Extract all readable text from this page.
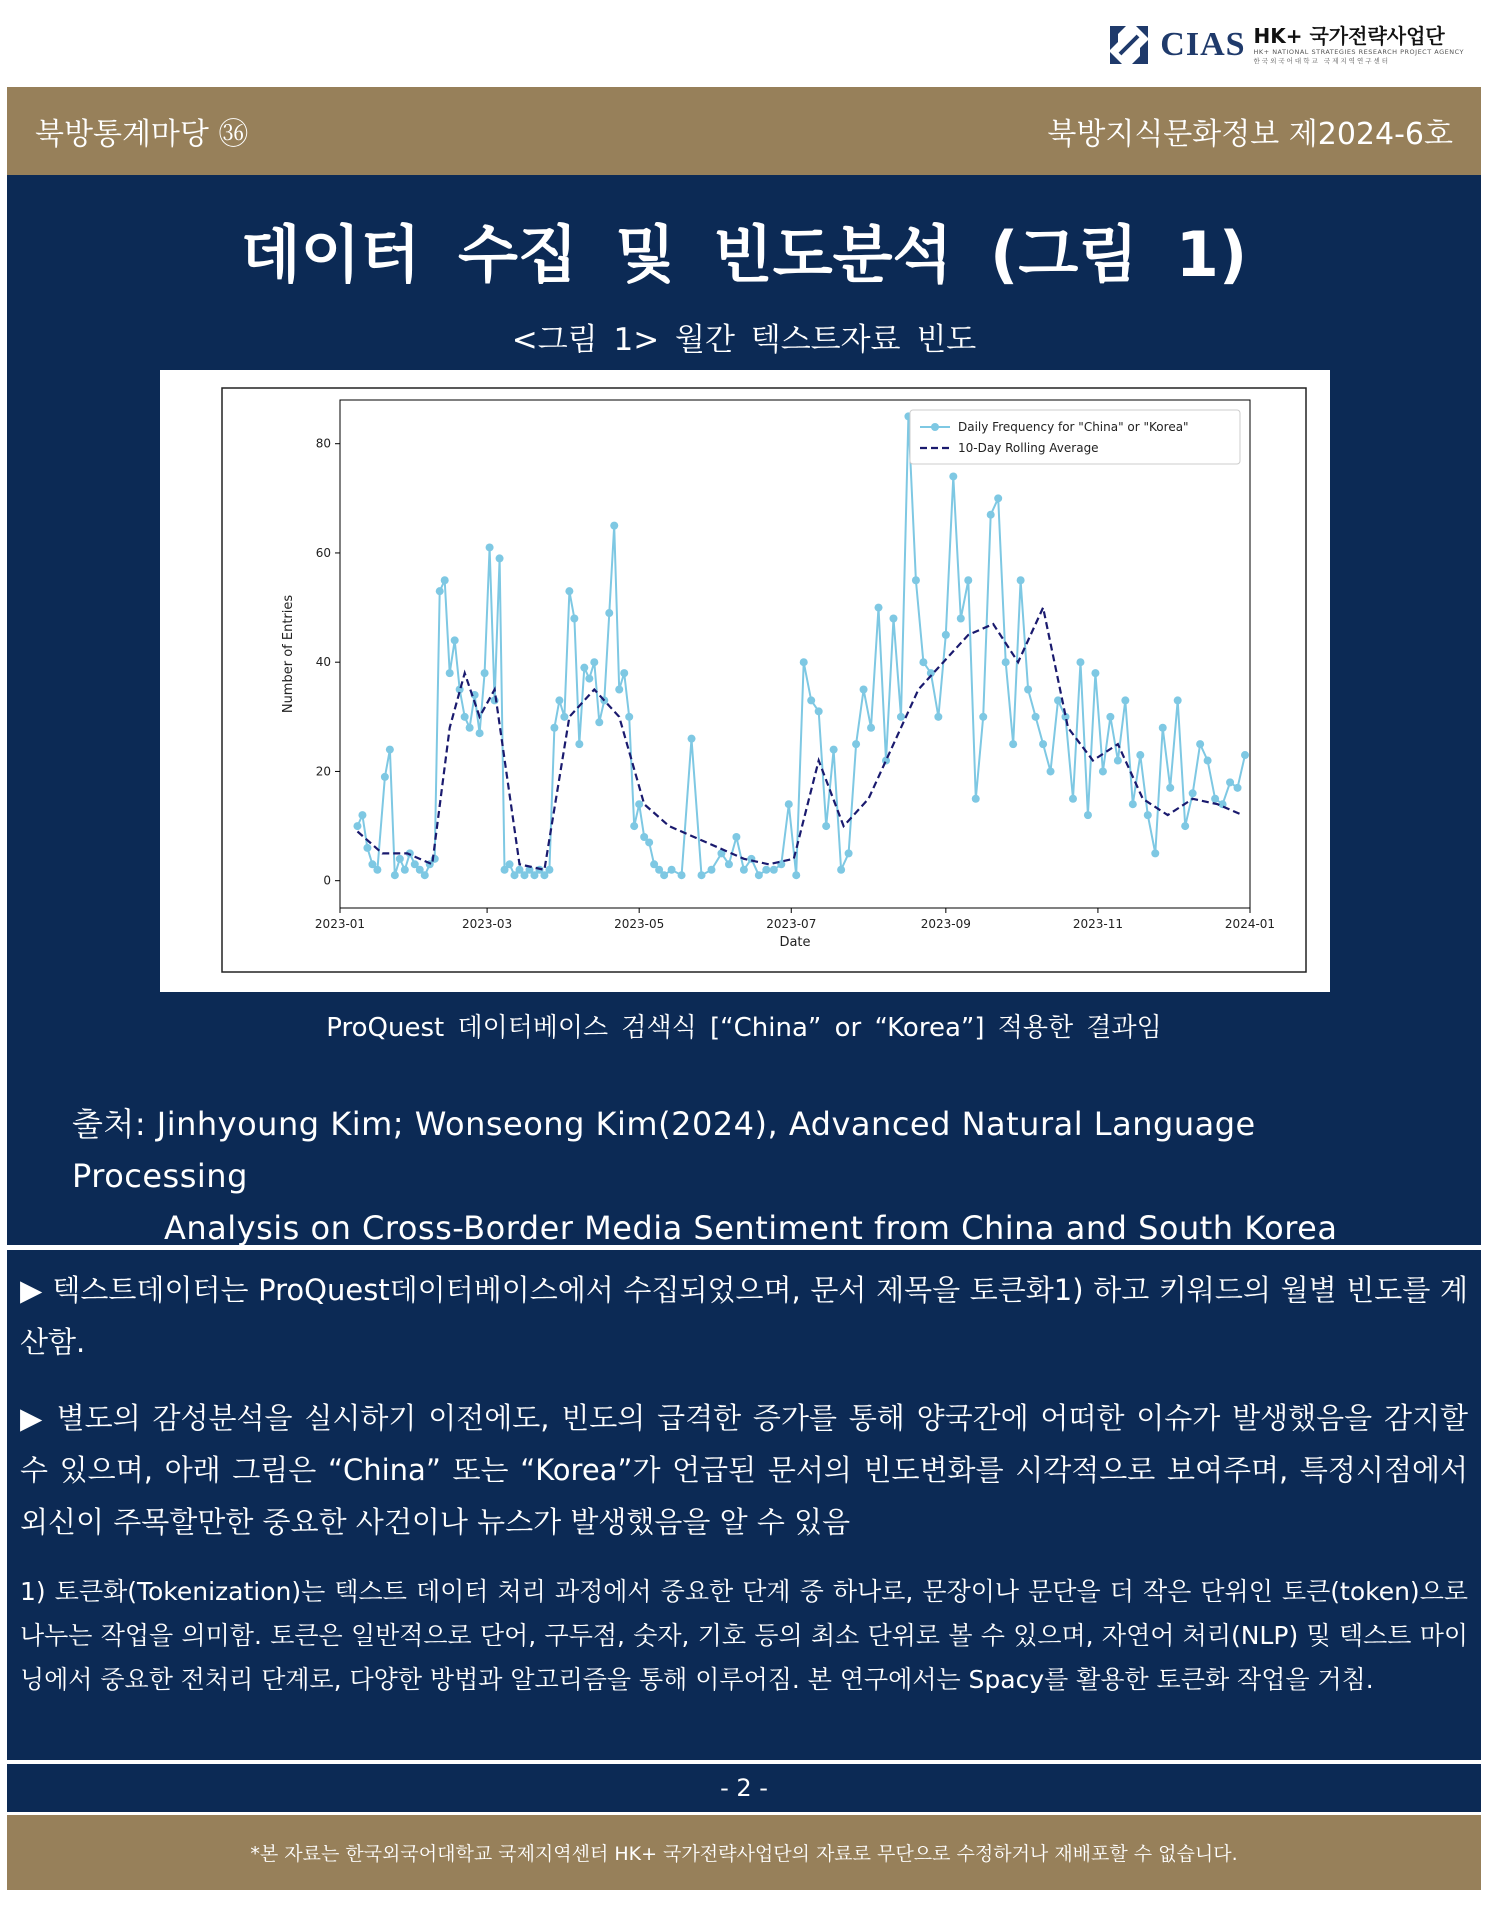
CIAS HK+ 국가전략사업단
HK+ NATIONAL STRATEGIES RESEARCH PROJECT AGENCY
한국외국어대학교 국제지역연구센터
북방통계마당 ㊱	북방지식문화정보 제2024-6호
- 2 -
데이터 수집 및 빈도분석 (그림 1)
<그림 1> 월간 텍스트자료 빈도
0
20
40
60
80
2023-01	2023-03	2023-05	2023-07	2023-09	2023-11	2024-01
Date
Number of Entries
Daily Frequency for "China" or "Korea"
10-Day Rolling Average
ProQuest 데이터베이스 검색식 [“China” or “Korea”] 적용한 결과임
출처: Jinhyoung Kim; Wonseong Kim(2024), Advanced Natural Language Processing
Analysis on Cross-Border Media Sentiment from China and South Korea
▶ 텍스트데이터는 ProQuest데이터베이스에서 수집되었으며, 문서 제목을 토큰화1) 하고 키워드의 월별 빈도를 계산함.
▶ 별도의 감성분석을 실시하기 이전에도, 빈도의 급격한 증가를 통해 양국간에 어떠한 이슈가 발생했음을 감지할 수 있으며, 아래 그림은 “China” 또는 “Korea”가 언급된 문서의 빈도변화를 시각적으로 보여주며, 특정시점에서 외신이 주목할만한 중요한 사건이나 뉴스가 발생했음을 알 수 있음
1) 토큰화(Tokenization)는 텍스트 데이터 처리 과정에서 중요한 단계 중 하나로, 문장이나 문단을 더 작은 단위인 토큰(token)으로 나누는 작업을 의미함. 토큰은 일반적으로 단어, 구두점, 숫자, 기호 등의 최소 단위로 볼 수 있으며, 자연어 처리(NLP) 및 텍스트 마이닝에서 중요한 전처리 단계로, 다양한 방법과 알고리즘을 통해 이루어짐. 본 연구에서는 Spacy를 활용한 토큰화 작업을 거침.
*본 자료는 한국외국어대학교 국제지역센터 HK+ 국가전략사업단의 자료로 무단으로 수정하거나 재배포할 수 없습니다.
